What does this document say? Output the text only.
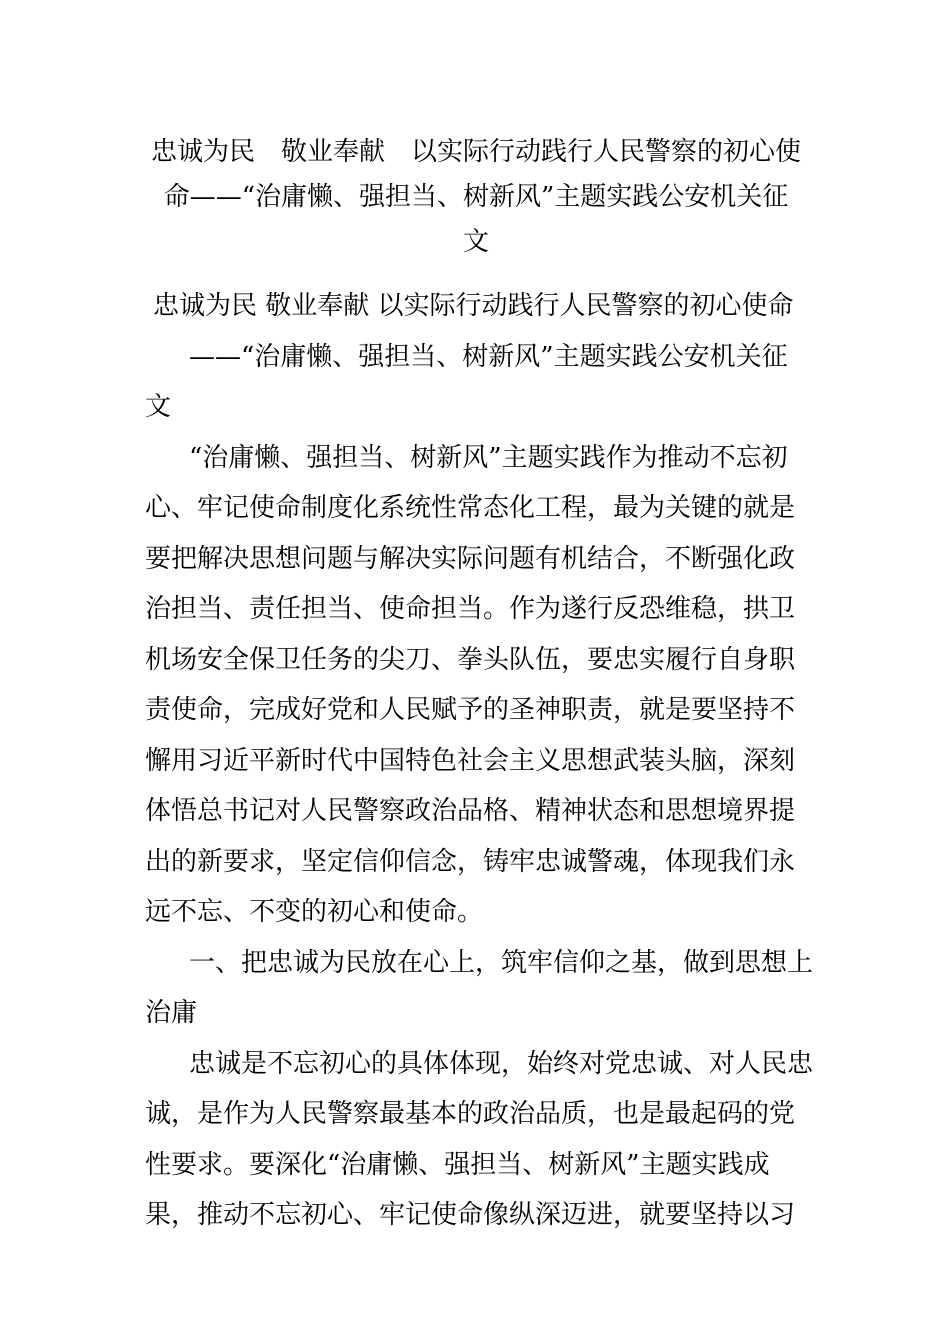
忠诚为民　敬业奉献　以实际行动践行人民警察的初心使
命——“治庸懒、强担当、树新风”主题实践公安机关征
文
忠诚为民 敬业奉献 以实际行动践行人民警察的初心使命
——“治庸懒、强担当、树新风”主题实践公安机关征
文
“治庸懒、强担当、树新风”主题实践作为推动不忘初
心、牢记使命制度化系统性常态化工程，最为关键的就是
要把解决思想问题与解决实际问题有机结合，不断强化政
治担当、责任担当、使命担当。作为遂行反恐维稳，拱卫
机场安全保卫任务的尖刀、拳头队伍，要忠实履行自身职
责使命，完成好党和人民赋予的圣神职责，就是要坚持不
懈用习近平新时代中国特色社会主义思想武装头脑，深刻
体悟总书记对人民警察政治品格、精神状态和思想境界提
出的新要求，坚定信仰信念，铸牢忠诚警魂，体现我们永
远不忘、不变的初心和使命。
一、把忠诚为民放在心上，筑牢信仰之基，做到思想上
治庸
忠诚是不忘初心的具体体现，始终对党忠诚、对人民忠
诚，是作为人民警察最基本的政治品质，也是最起码的党
性要求。要深化“治庸懒、强担当、树新风”主题实践成
果，推动不忘初心、牢记使命像纵深迈进，就要坚持以习
